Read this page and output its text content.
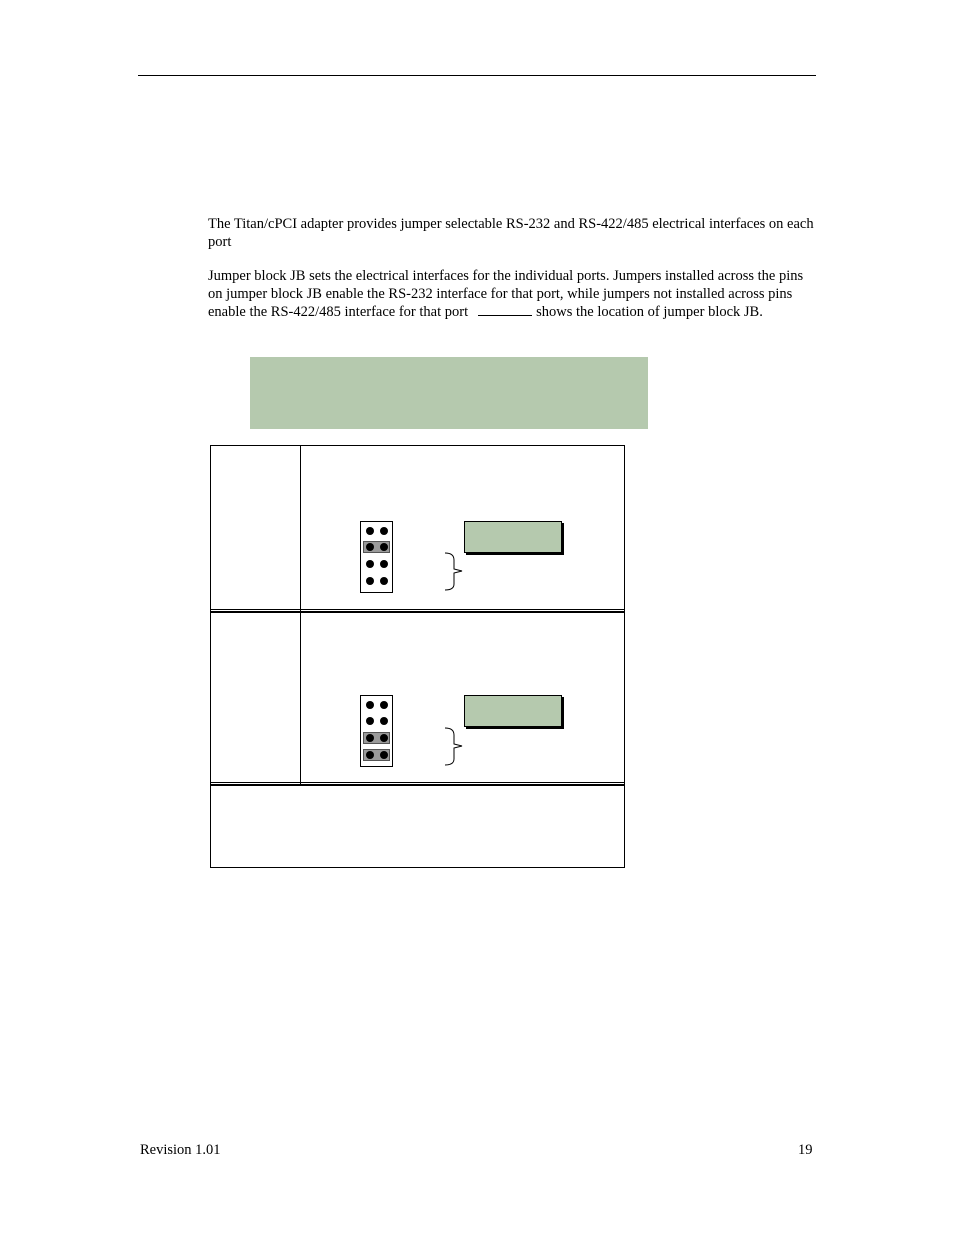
The Titan/cPCI adapter provides jumper selectable RS-232 and RS-422/485 electrical interfaces on each port

Jumper block JB sets the electrical interfaces for the individual ports. Jumpers installed across the pins on jumper block JB enable the RS-232 interface for that port, while jumpers not installed across pins enable the RS-422/485 interface for that port	shows the location of jumper block JB.

Revision 1.01	19
